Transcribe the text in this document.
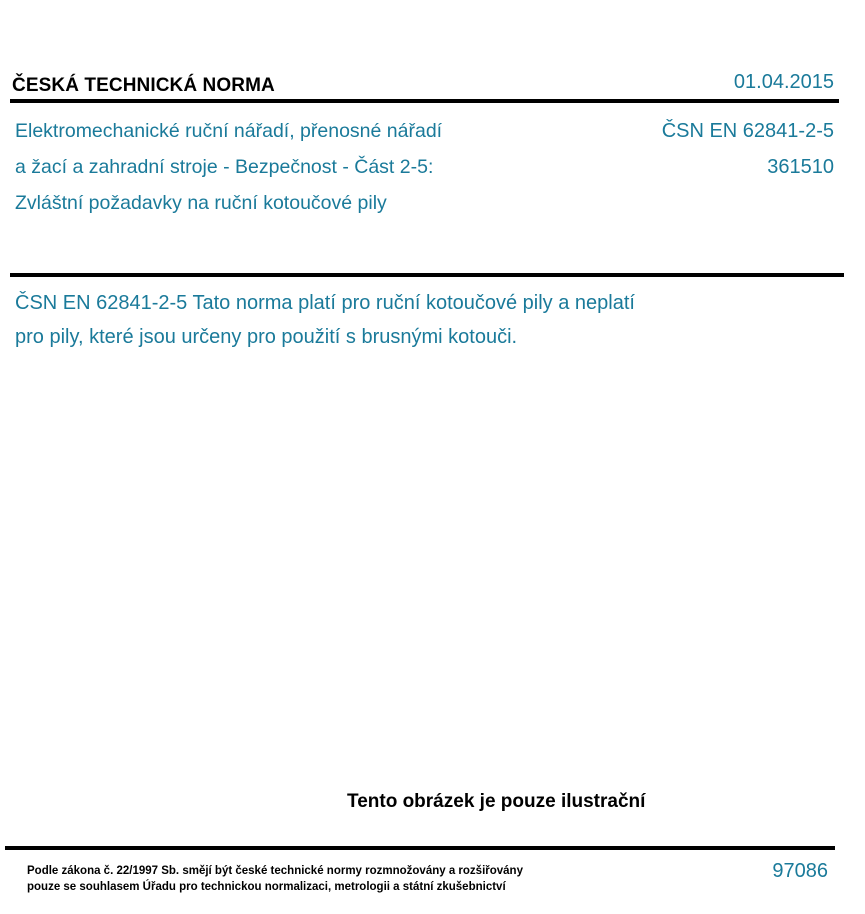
ČESKÁ TECHNICKÁ NORMA	01.04.2015
Elektromechanické ruční nářadí, přenosné nářadí
a žací a zahradní stroje - Bezpečnost - Část 2-5:
Zvláštní požadavky na ruční kotoučové pily
ČSN EN 62841-2-5
361510
ČSN EN 62841-2-5 Tato norma platí pro ruční kotoučové pily a neplatí
pro pily, které jsou určeny pro použití s brusnými kotouči.
Tento obrázek je pouze ilustrační
Podle zákona č. 22/1997 Sb. smějí být české technické normy rozmnožovány a rozšiřovány
pouze se souhlasem Úřadu pro technickou normalizaci, metrologii a státní zkušebnictví
97086
